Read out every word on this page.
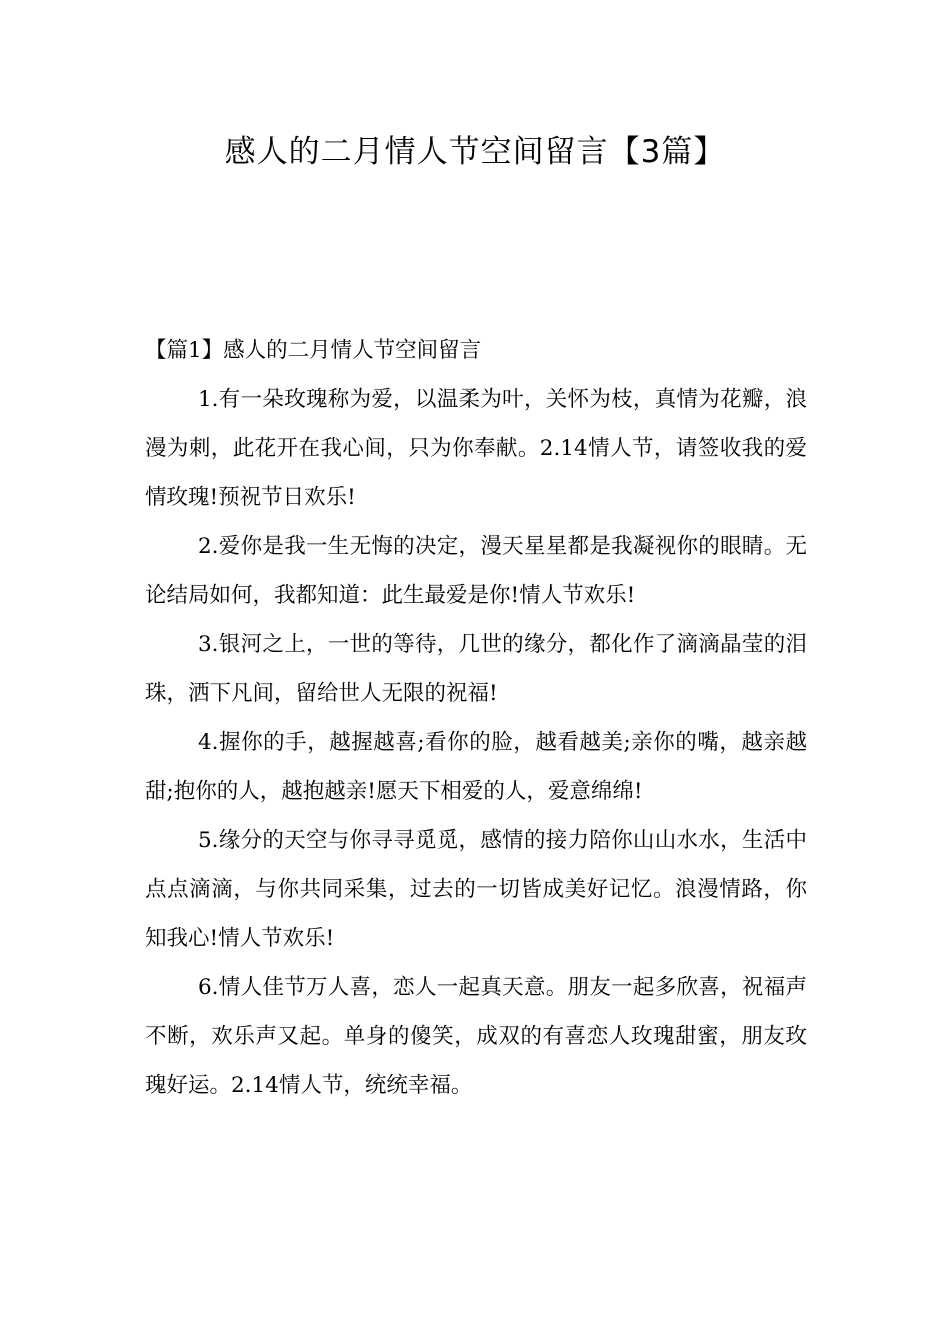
感人的二月情人节空间留言【3篇】

【篇1】感人的二月情人节空间留言

1.有一朵玫瑰称为爱，以温柔为叶，关怀为枝，真情为花瓣，浪漫为刺，此花开在我心间，只为你奉献。2.14情人节，请签收我的爱情玫瑰!预祝节日欢乐!

2.爱你是我一生无悔的决定，漫天星星都是我凝视你的眼睛。无论结局如何，我都知道：此生最爱是你!情人节欢乐!

3.银河之上，一世的等待，几世的缘分，都化作了滴滴晶莹的泪珠，洒下凡间，留给世人无限的祝福!

4.握你的手，越握越喜;看你的脸，越看越美;亲你的嘴，越亲越甜;抱你的人，越抱越亲!愿天下相爱的人，爱意绵绵!

5.缘分的天空与你寻寻觅觅，感情的接力陪你山山水水，生活中点点滴滴，与你共同采集，过去的一切皆成美好记忆。浪漫情路，你知我心!情人节欢乐!

6.情人佳节万人喜，恋人一起真天意。朋友一起多欣喜，祝福声不断，欢乐声又起。单身的傻笑，成双的有喜恋人玫瑰甜蜜，朋友玫瑰好运。2.14情人节，统统幸福。
